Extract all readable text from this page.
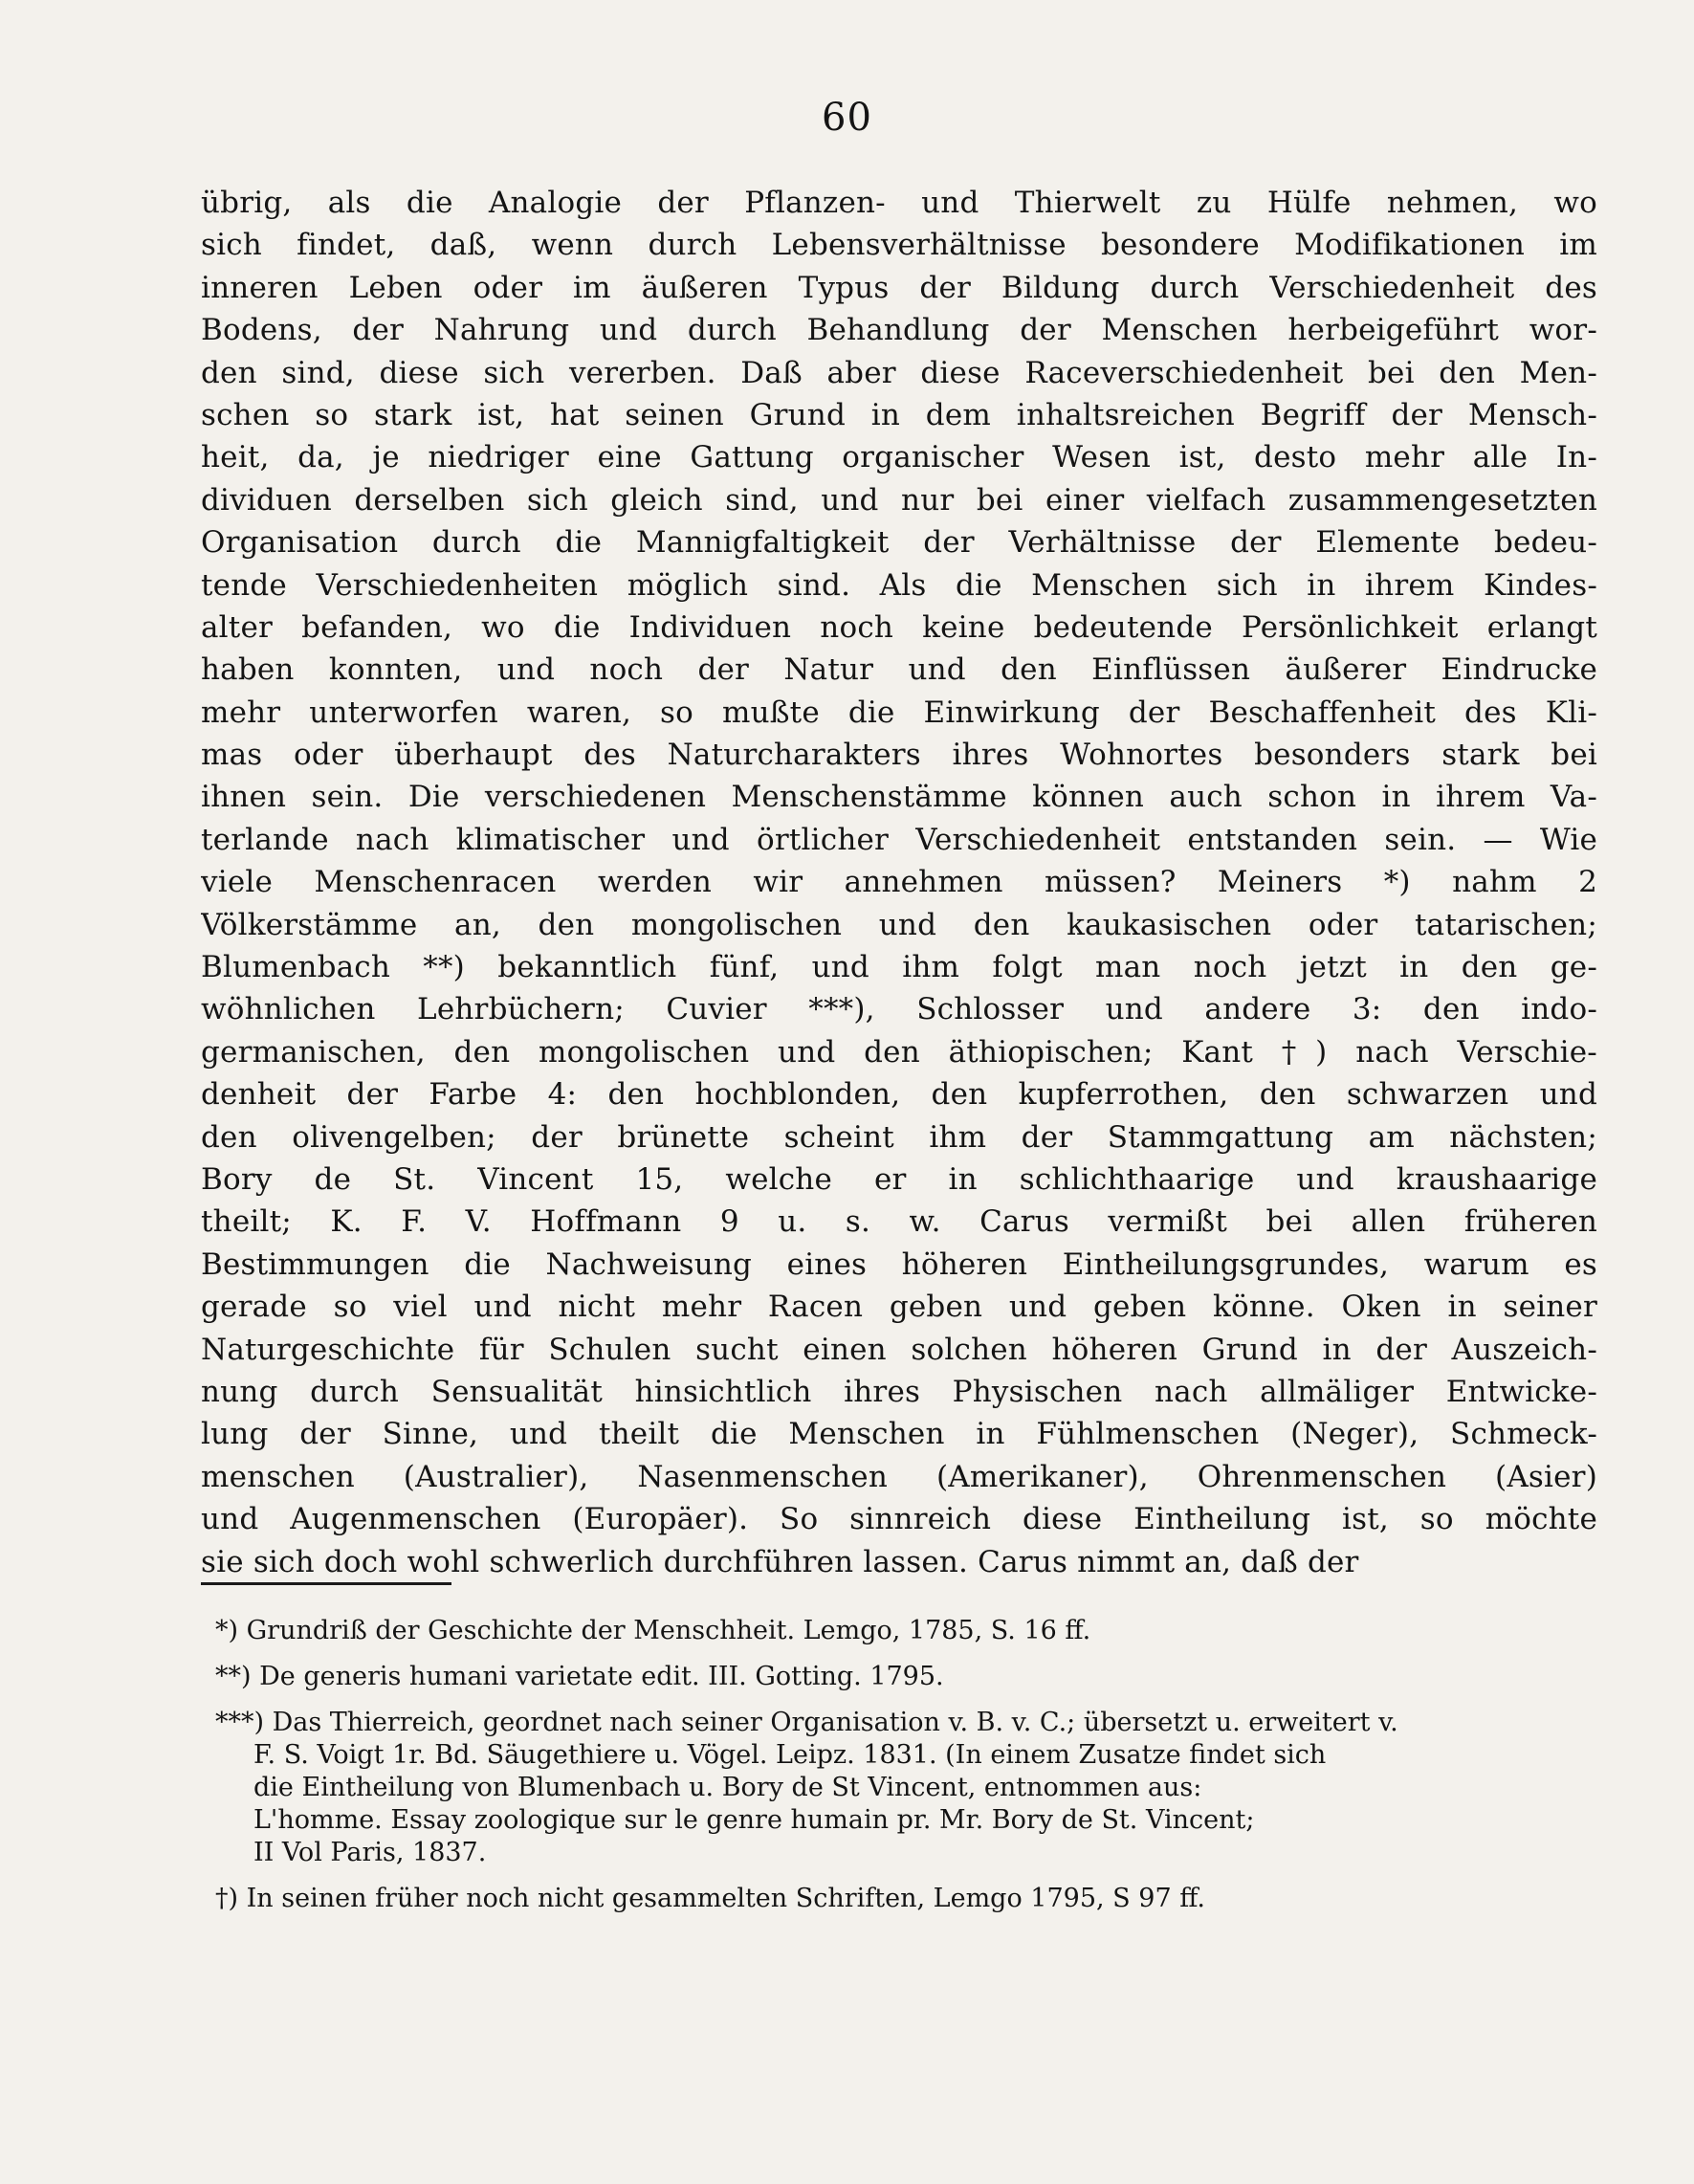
60
übrig, als die Analogie der Pflanzen- und Thierwelt zu Hülfe nehmen, wo
sich findet, daß, wenn durch Lebensverhältnisse besondere Modifikationen im
inneren Leben oder im äußeren Typus der Bildung durch Verschiedenheit des
Bodens, der Nahrung und durch Behandlung der Menschen herbeigeführt wor-
den sind, diese sich vererben. Daß aber diese Raceverschiedenheit bei den Men-
schen so stark ist, hat seinen Grund in dem inhaltsreichen Begriff der Mensch-
heit, da, je niedriger eine Gattung organischer Wesen ist, desto mehr alle In-
dividuen derselben sich gleich sind, und nur bei einer vielfach zusammengesetzten
Organisation durch die Mannigfaltigkeit der Verhältnisse der Elemente bedeu-
tende Verschiedenheiten möglich sind. Als die Menschen sich in ihrem Kindes-
alter befanden, wo die Individuen noch keine bedeutende Persönlichkeit erlangt
haben konnten, und noch der Natur und den Einflüssen äußerer Eindrucke
mehr unterworfen waren, so mußte die Einwirkung der Beschaffenheit des Kli-
mas oder überhaupt des Naturcharakters ihres Wohnortes besonders stark bei
ihnen sein. Die verschiedenen Menschenstämme können auch schon in ihrem Va-
terlande nach klimatischer und örtlicher Verschiedenheit entstanden sein. — Wie
viele Menschenracen werden wir annehmen müssen? Meiners *) nahm 2
Völkerstämme an, den mongolischen und den kaukasischen oder tatarischen;
Blumenbach **) bekanntlich fünf, und ihm folgt man noch jetzt in den ge-
wöhnlichen Lehrbüchern; Cuvier ***), Schlosser und andere 3: den indo-
germanischen, den mongolischen und den äthiopischen; Kant †) nach Verschie-
denheit der Farbe 4: den hochblonden, den kupferrothen, den schwarzen und
den olivengelben; der brünette scheint ihm der Stammgattung am nächsten;
Bory de St. Vincent 15, welche er in schlichthaarige und kraushaarige
theilt; K. F. V. Hoffmann 9 u. s. w. Carus vermißt bei allen früheren
Bestimmungen die Nachweisung eines höheren Eintheilungsgrundes, warum es
gerade so viel und nicht mehr Racen geben und geben könne. Oken in seiner
Naturgeschichte für Schulen sucht einen solchen höheren Grund in der Auszeich-
nung durch Sensualität hinsichtlich ihres Physischen nach allmäliger Entwicke-
lung der Sinne, und theilt die Menschen in Fühlmenschen (Neger), Schmeck-
menschen (Australier), Nasenmenschen (Amerikaner), Ohrenmenschen (Asier)
und Augenmenschen (Europäer). So sinnreich diese Eintheilung ist, so möchte
sie sich doch wohl schwerlich durchführen lassen. Carus nimmt an, daß der
*) Grundriß der Geschichte der Menschheit. Lemgo, 1785, S. 16 ff.
**) De generis humani varietate edit. III. Gotting. 1795.
***) Das Thierreich, geordnet nach seiner Organisation v. B. v. C.; übersetzt u. erweitert v.
F. S. Voigt 1r. Bd. Säugethiere u. Vögel. Leipz. 1831. (In einem Zusatze findet sich
die Eintheilung von Blumenbach u. Bory de St Vincent, entnommen aus:
L'homme. Essay zoologique sur le genre humain pr. Mr. Bory de St. Vincent;
II Vol Paris, 1837.
†) In seinen früher noch nicht gesammelten Schriften, Lemgo 1795, S 97 ff.
